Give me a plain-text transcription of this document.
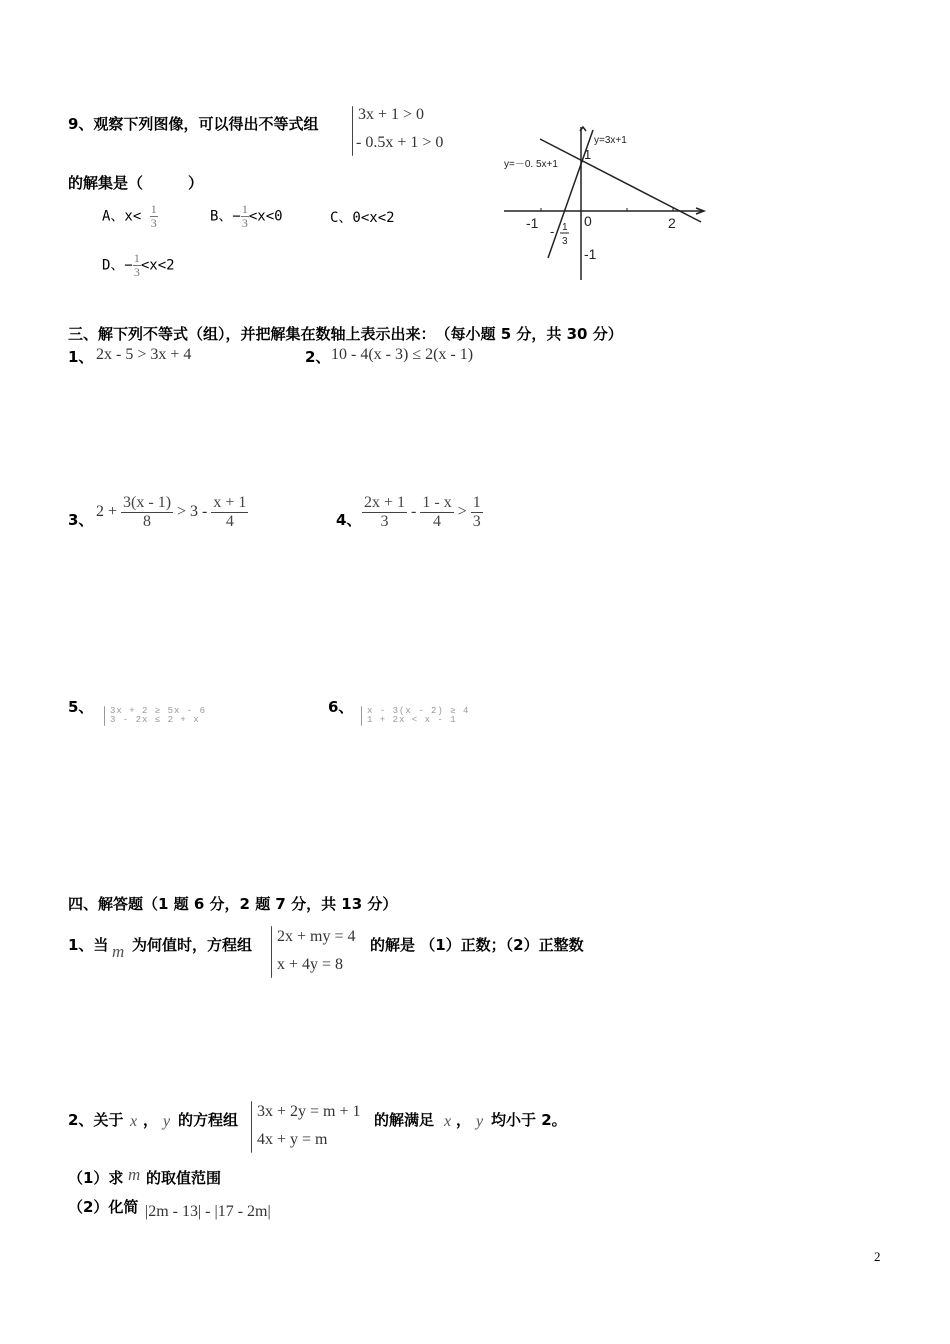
9、观察下列图像，可以得出不等式组
3x + 1 > 0
- 0.5x + 1 > 0
的解集是（　　　）
A、$x< \frac{1}{3}$	B、− $\frac{1}{3} <x<0$	C、0<x<2
D、− $\frac{1}{3} <x<2$
y=3x+1
y=－0. 5x+1
1
-1	0	2
-1
- 1
3
三、解下列不等式（组），并把解集在数轴上表示出来：　（每小题 5 分，共 30 分）
1、 2x - 5 > 3x + 4	2、 10 - 4(x - 3) ≤ 2(x - 1)
3、 $2 + \frac{3(x - 1)}{8} > 3 - \frac{x + 1}{4}$	4、 $\frac{2x + 1}{3} - \frac{1 - x}{4} > \frac{1}{3}$
5、 3x + 2 ≥ 5x - 6
3 - 2x ≤ 2 + x
6、 x - 3(x - 2) ≥ 4
1 + 2x < x - 1
四、解答题（1 题 6 分，2 题 7 分，共 13 分）
1、当 m 为何值时，方程组 2x + my = 4
x + 4y = 8
的解是 （1）正数；（2）正整数
2、关于 x ， y 的方程组 3x + 2y = m + 1
4x + y = m
的解满足 x ， y 均小于 2。
（1）求 m 的取值范围
（2）化简 |2m - 13| - |17 - 2m|
2
